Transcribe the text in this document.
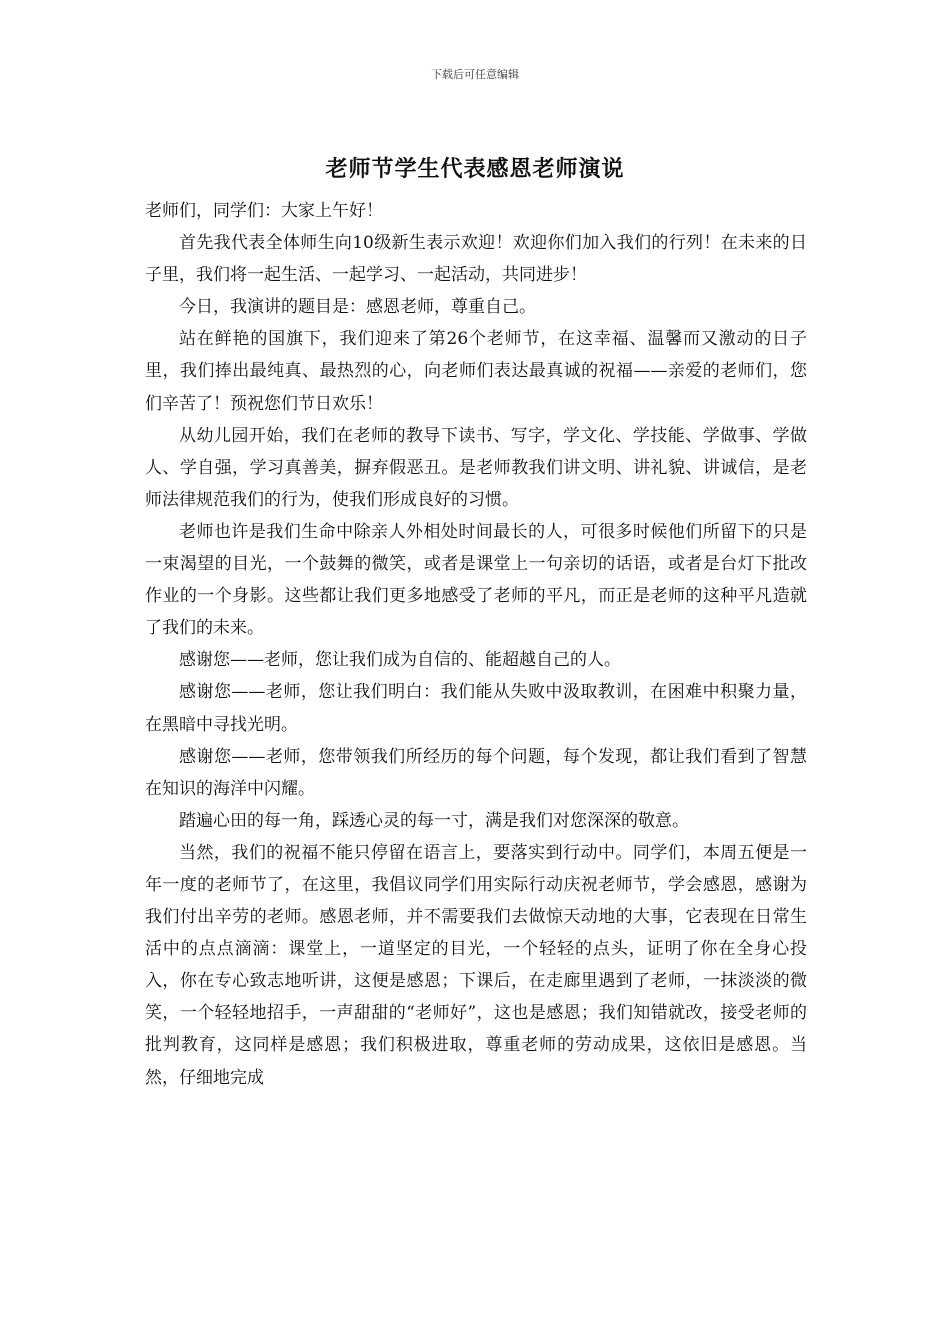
下载后可任意编辑
老师节学生代表感恩老师演说

老师们，同学们：大家上午好！

首先我代表全体师生向10级新生表示欢迎！欢迎你们加入我们的行列！在未来的日子里，我们将一起生活、一起学习、一起活动，共同进步！

今日，我演讲的题目是：感恩老师，尊重自己。

站在鲜艳的国旗下，我们迎来了第26个老师节，在这幸福、温馨而又激动的日子里，我们捧出最纯真、最热烈的心，向老师们表达最真诚的祝福——亲爱的老师们，您们辛苦了！预祝您们节日欢乐！

从幼儿园开始，我们在老师的教导下读书、写字，学文化、学技能、学做事、学做人、学自强，学习真善美，摒弃假恶丑。是老师教我们讲文明、讲礼貌、讲诚信，是老师法律规范我们的行为，使我们形成良好的习惯。

老师也许是我们生命中除亲人外相处时间最长的人，可很多时候他们所留下的只是一束渴望的目光，一个鼓舞的微笑，或者是课堂上一句亲切的话语，或者是台灯下批改作业的一个身影。这些都让我们更多地感受了老师的平凡，而正是老师的这种平凡造就了我们的未来。

感谢您——老师，您让我们成为自信的、能超越自己的人。

感谢您——老师，您让我们明白：我们能从失败中汲取教训，在困难中积聚力量，在黑暗中寻找光明。

感谢您——老师，您带领我们所经历的每个问题，每个发现，都让我们看到了智慧在知识的海洋中闪耀。

踏遍心田的每一角，踩透心灵的每一寸，满是我们对您深深的敬意。

当然，我们的祝福不能只停留在语言上，要落实到行动中。同学们，本周五便是一年一度的老师节了，在这里，我倡议同学们用实际行动庆祝老师节，学会感恩，感谢为我们付出辛劳的老师。感恩老师，并不需要我们去做惊天动地的大事，它表现在日常生活中的点点滴滴：课堂上，一道坚定的目光，一个轻轻的点头，证明了你在全身心投入，你在专心致志地听讲，这便是感恩；下课后，在走廊里遇到了老师，一抹淡淡的微笑，一个轻轻地招手，一声甜甜的“老师好”，这也是感恩；我们知错就改，接受老师的批判教育，这同样是感恩；我们积极进取，尊重老师的劳动成果，这依旧是感恩。当然，仔细地完成
